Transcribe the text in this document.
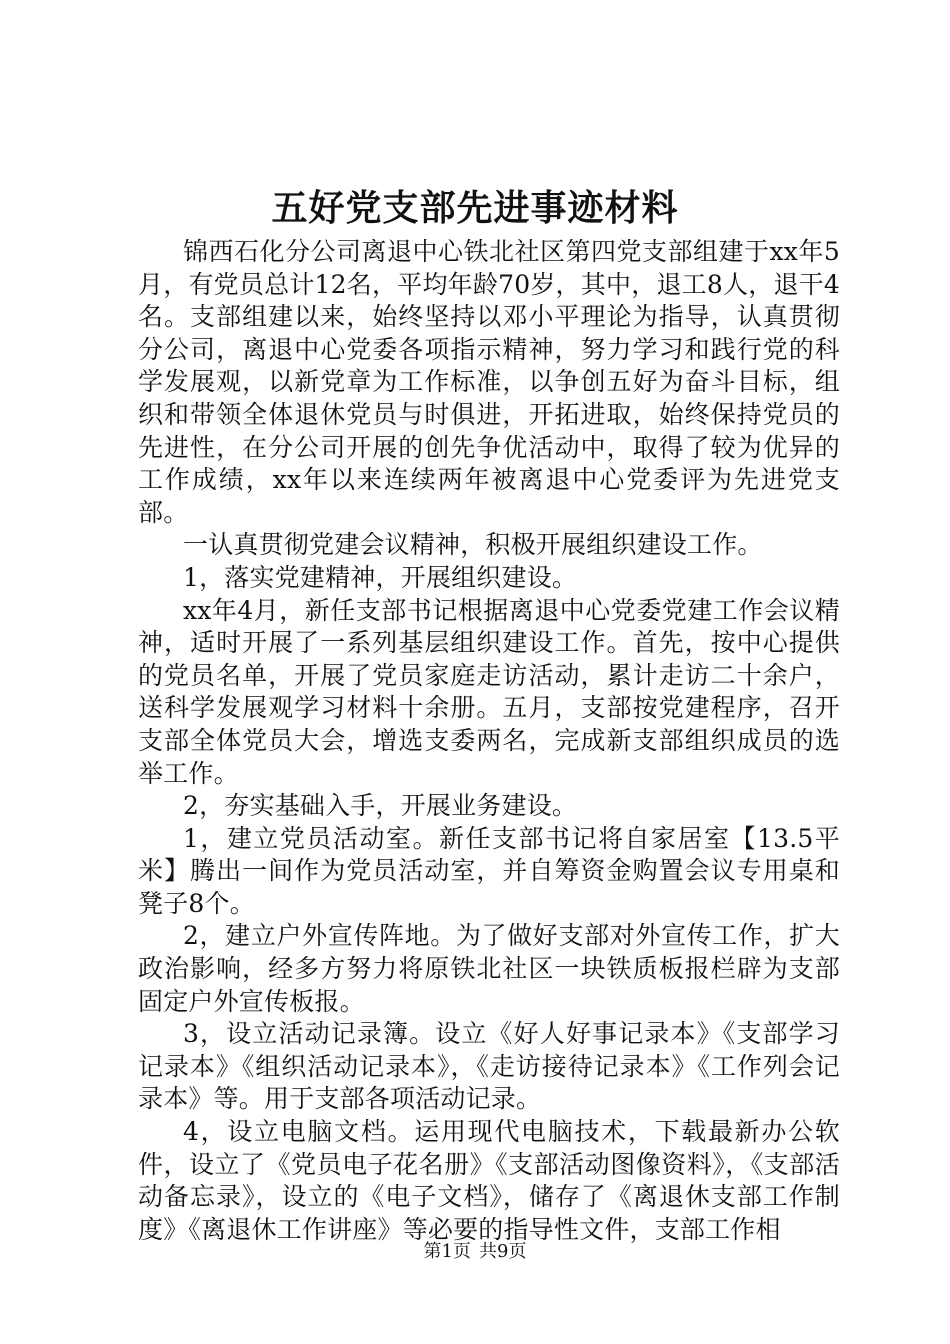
五好党支部先进事迹材料

锦西石化分公司离退中心铁北社区第四党支部组建于xx年5月，有党员总计12名，平均年龄70岁，其中，退工8人，退干4名。支部组建以来，始终坚持以邓小平理论为指导，认真贯彻分公司，离退中心党委各项指示精神，努力学习和践行党的科学发展观，以新党章为工作标准，以争创五好为奋斗目标，组织和带领全体退休党员与时俱进，开拓进取，始终保持党员的先进性，在分公司开展的创先争优活动中，取得了较为优异的工作成绩，xx年以来连续两年被离退中心党委评为先进党支部。

一认真贯彻党建会议精神，积极开展组织建设工作。

1，落实党建精神，开展组织建设。

xx年4月，新任支部书记根据离退中心党委党建工作会议精神，适时开展了一系列基层组织建设工作。首先，按中心提供的党员名单，开展了党员家庭走访活动，累计走访二十余户，送科学发展观学习材料十余册。五月，支部按党建程序，召开支部全体党员大会，增选支委两名，完成新支部组织成员的选举工作。

2，夯实基础入手，开展业务建设。

1，建立党员活动室。新任支部书记将自家居室【13.5平米】腾出一间作为党员活动室，并自筹资金购置会议专用桌和凳子8个。

2，建立户外宣传阵地。为了做好支部对外宣传工作，扩大政治影响，经多方努力将原铁北社区一块铁质板报栏辟为支部固定户外宣传板报。

3，设立活动记录簿。设立《好人好事记录本》《支部学习记录本》《组织活动记录本》，《走访接待记录本》《工作列会记录本》等。用于支部各项活动记录。

4，设立电脑文档。运用现代电脑技术，下载最新办公软件，设立了《党员电子花名册》《支部活动图像资料》，《支部活动备忘录》，设立的《电子文档》，储存了《离退休支部工作制度》《离退休工作讲座》等必要的指导性文件，支部工作相

第1页 共9页
